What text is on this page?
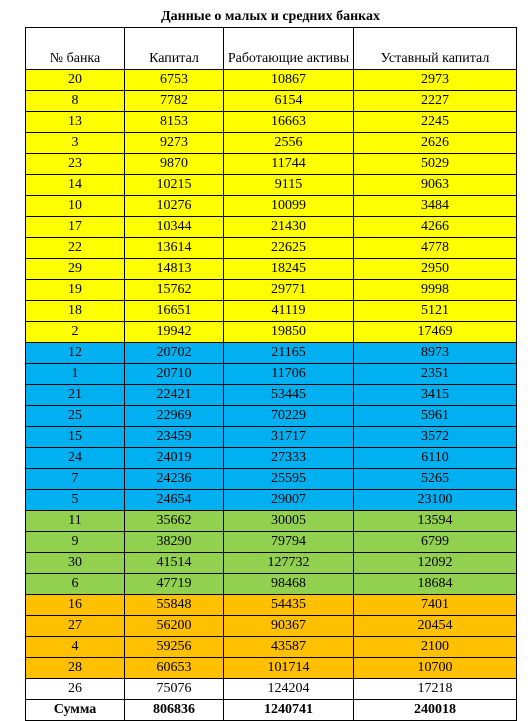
Данные о малых и средних банках
№ банка	Капитал	Работающие активы	Уставный капитал
20	6753	10867	2973
8	7782	6154	2227
13	8153	16663	2245
3	9273	2556	2626
23	9870	11744	5029
14	10215	9115	9063
10	10276	10099	3484
17	10344	21430	4266
22	13614	22625	4778
29	14813	18245	2950
19	15762	29771	9998
18	16651	41119	5121
2	19942	19850	17469
12	20702	21165	8973
1	20710	11706	2351
21	22421	53445	3415
25	22969	70229	5961
15	23459	31717	3572
24	24019	27333	6110
7	24236	25595	5265
5	24654	29007	23100
11	35662	30005	13594
9	38290	79794	6799
30	41514	127732	12092
6	47719	98468	18684
16	55848	54435	7401
27	56200	90367	20454
4	59256	43587	2100
28	60653	101714	10700
26	75076	124204	17218
Сумма	806836	1240741	240018
